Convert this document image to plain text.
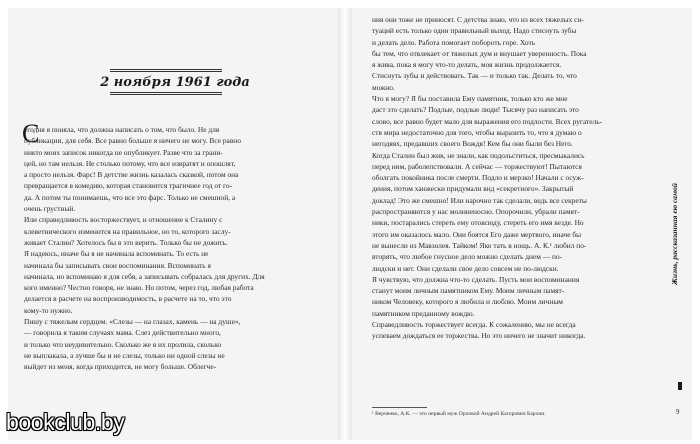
2 ноября 1961 года
С
егодня я поняла, что должна написать о том, что было. Не для
публикации, для себя. Все равно больше я ничего не могу. Все равно
никто моих записок никогда не опубликует. Разве что за грани-
цей, но там нельзя. Не столько потому, что все извратят и опошлят,
а просто нельзя. Фарс! В детстве жизнь казалась сказкой, потом она
превращается в комедию, которая становится трагичнее год от го-
да. А потом ты понимаешь, что все это фарс. Только не смешной, а
очень грустный.
Или справедливость восторжествует, и отношение к Сталину с
клеветнического изменится на правильное, но то, которого заслу-
живает Сталин? Хотелось бы в это верить. Только бы не дожить.
Я надеюсь, иначе бы я не начинала вспоминать. То есть не
начинала бы записывать свои воспоминания. Вспоминать я
начинала, но вспоминаю я для себя, а записывать собралась для других. Для
кого именно? Честно говоря, не знаю. Но потом, через год, любая работа
делается в расчете на воспроизводимость, в расчете на то, что это
кому-то нужно.
Пишу с тяжелым сердцем. «Слезы — на глазах, камень — на душе»,
— говорила я таким случаях мама. Слез действительно много,
и только что неудивительно. Сколько же я их пролила, сколько
не выплакала, а лучше бы и не слезы, только ни одной слезы не
выйдет из меня, когда приходится, не могу больше. Облегче-
ния они тоже не приносят. С детства знаю, что из всех тяжелых си-
туаций есть только один правильный выход. Надо стиснуть зубы
и делать дело. Работа помогает побороть горе. Хоть
бы тем, что отвлекает от тяжелых дум и внушает уверенность. Пока
я жива, пока я могу что-то делать, моя жизнь продолжается.
Стиснуть зубы и действовать. Так — и только так. Делать то, что
можно.
Что я могу? Я бы поставила Ему памятник, только кто же мне
даст это сделать? Подлые, подлые люди! Тысячу раз написать это
слово, все равно будет мало для выражения его подлости. Всех ругатель-
ств мира недостаточно для того, чтобы выразить то, что я думаю о
негодяях, предавших своего Вождя! Кем бы они были без Него.
Когда Сталин был жив, не знали, как подольститься, пресмыкались
перед ним, раболепствовали. А сейчас — торжествуют! Пытаются
оболгать покойника после смерти. Подло и мерзко! Начали с осуж-
дения, потом ханжески придумали вид «секретного». Закрытый
доклад! Это же смешно! Или нарочно так сделали, ведь все секреты
распространяются у нас молниеносно. Опорочили, убрали памят-
ники, постарались стереть ему отовсюду, стереть его имя везде. Но
этого им оказалось мало. Они боятся Его даже мертвого, иначе бы
не вынесли из Мавзолея. Тайком! Яко тать в нощь. А. К.¹ любил по-
вторять, что любое гнусное дело можно сделать днем — по-
людски и нет. Они сделали свое дело совсем не по-людски.
Я чувствую, что должна что-то сделать. Пусть мои воспоминания
станут моим личным памятником Ему. Моим личным памят-
ником Человеку, которого я любила и люблю. Моим личным
памятником преданному вождю.
Справедливость торжествует всегда. К сожалению, мы не всегда
успеваем дождаться ее торжества. Но это ничего не значит никогда.
¹ Верченко, А.К. — это первый муж Орловой Андрей Кагорович Бархин.
Жизнь, рассказанная ею самой
9
bookclub.by
